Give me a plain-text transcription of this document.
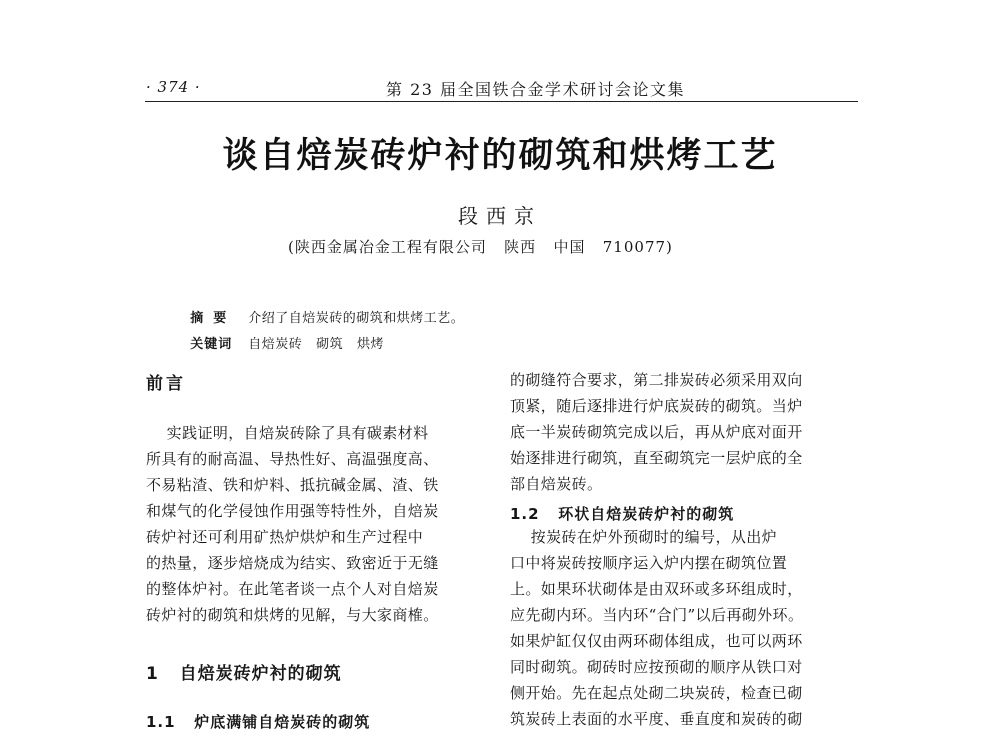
· 374 ·	第 23 届全国铁合金学术研讨会论文集
谈自焙炭砖炉衬的砌筑和烘烤工艺
段西京
(陕西金属冶金工程有限公司   陕西   中国   710077)

摘要 介绍了自焙炭砖的砌筑和烘烤工艺。

关键词 自焙炭砖   砌筑   烘烤

前言
实践证明，自焙炭砖除了具有碳素材料
所具有的耐高温、导热性好、高温强度高、
不易粘渣、铁和炉料、抵抗碱金属、渣、铁
和煤气的化学侵蚀作用强等特性外，自焙炭
砖炉衬还可利用矿热炉烘炉和生产过程中
的热量，逐步焙烧成为结实、致密近于无缝
的整体炉衬。在此笔者谈一点个人对自焙炭
砖炉衬的砌筑和烘烤的见解，与大家商榷。
1   自焙炭砖炉衬的砌筑
1.1   炉底满铺自焙炭砖的砌筑
的砌缝符合要求，第二排炭砖必须采用双向
顶紧，随后逐排进行炉底炭砖的砌筑。当炉
底一半炭砖砌筑完成以后，再从炉底对面开
始逐排进行砌筑，直至砌筑完一层炉底的全
部自焙炭砖。
1.2   环状自焙炭砖炉衬的砌筑
按炭砖在炉外预砌时的编号，从出炉
口中将炭砖按顺序运入炉内摆在砌筑位置
上。如果环状砌体是由双环或多环组成时，
应先砌内环。当内环“合门”以后再砌外环。
如果炉缸仅仅由两环砌体组成，也可以两环
同时砌筑。砌砖时应按预砌的顺序从铁口对
侧开始。先在起点处砌二块炭砖，检查已砌
筑炭砖上表面的水平度、垂直度和炭砖的砌
